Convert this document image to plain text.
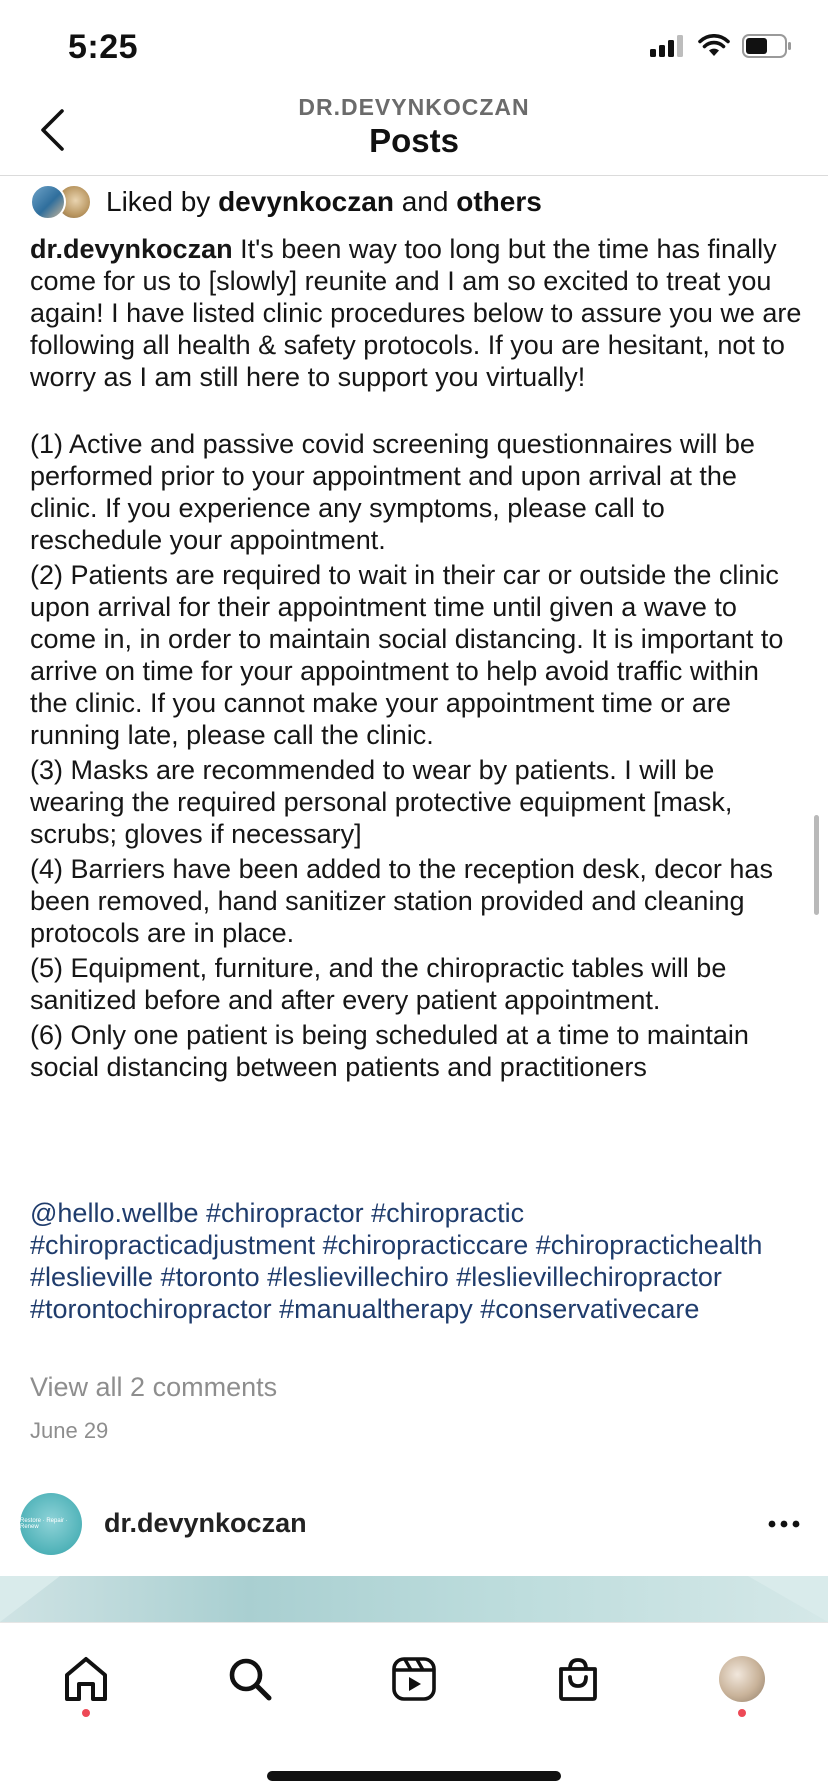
5:25
DR.DEVYNKOCZAN
Posts
Liked by
devynkoczan
and
others

dr.devynkoczan It's been way too long but the time has finally come for us to [slowly] reunite and I am so excited to treat you again! I have listed clinic procedures below to assure you we are following all health & safety protocols. If you are hesitant, not to worry as I am still here to support you virtually!

(1) Active and passive covid screening questionnaires will be performed prior to your appointment and upon arrival at the clinic. If you experience any symptoms, please call to reschedule your appointment.

(2) Patients are required to wait in their car or outside the clinic upon arrival for their appointment time until given a wave to come in, in order to maintain social distancing. It is important to arrive on time for your appointment to help avoid traffic within the clinic. If you cannot make your appointment time or are running late, please call the clinic.

(3) Masks are recommended to wear by patients. I will be wearing the required personal protective equipment [mask, scrubs; gloves if necessary]

(4) Barriers have been added to the reception desk, decor has been removed, hand sanitizer station provided and cleaning protocols are in place.

(5) Equipment, furniture, and the chiropractic tables will be sanitized before and after every patient appointment.

(6) Only one patient is being scheduled at a time to maintain social distancing between patients and practitioners

@hello.wellbe #chiropractor #chiropractic #chiropracticadjustment #chiropracticcare #chiropractichealth #leslieville #toronto #leslievillechiro #leslievillechiropractor #torontochiropractor #manualtherapy #conservativecare
View all 2 comments
June 29
Restore · Repair · Renew	dr.devynkoczan
